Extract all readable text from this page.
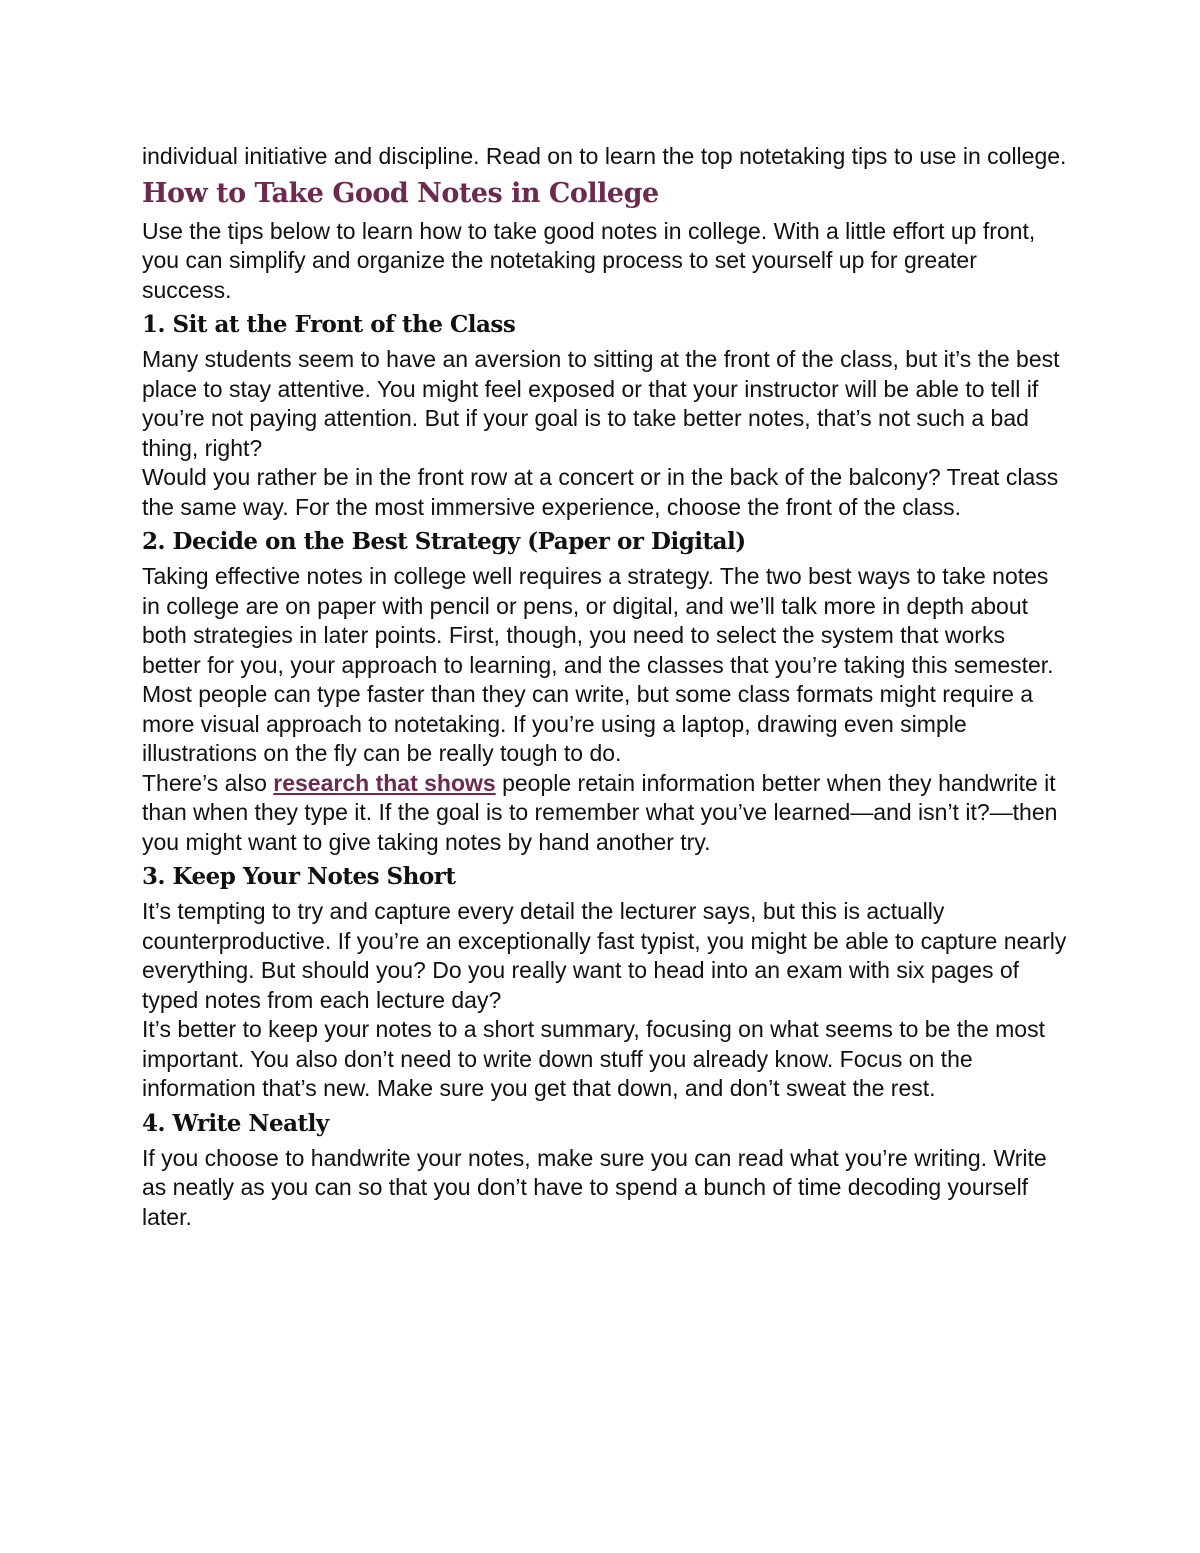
individual initiative and discipline. Read on to learn the top notetaking tips to use in college.

How to Take Good Notes in College

Use the tips below to learn how to take good notes in college. With a little effort up front, you can simplify and organize the notetaking process to set yourself up for greater success.

1. Sit at the Front of the Class

Many students seem to have an aversion to sitting at the front of the class, but it’s the best place to stay attentive. You might feel exposed or that your instructor will be able to tell if you’re not paying attention. But if your goal is to take better notes, that’s not such a bad thing, right?

Would you rather be in the front row at a concert or in the back of the balcony? Treat class the same way. For the most immersive experience, choose the front of the class.

2. Decide on the Best Strategy (Paper or Digital)

Taking effective notes in college well requires a strategy. The two best ways to take notes in college are on paper with pencil or pens, or digital, and we’ll talk more in depth about both strategies in later points. First, though, you need to select the system that works better for you, your approach to learning, and the classes that you’re taking this semester.

Most people can type faster than they can write, but some class formats might require a more visual approach to notetaking. If you’re using a laptop, drawing even simple illustrations on the fly can be really tough to do.

There’s also research that shows people retain information better when they handwrite it than when they type it. If the goal is to remember what you’ve learned—and isn’t it?—then you might want to give taking notes by hand another try.

3. Keep Your Notes Short

It’s tempting to try and capture every detail the lecturer says, but this is actually counterproductive. If you’re an exceptionally fast typist, you might be able to capture nearly everything. But should you? Do you really want to head into an exam with six pages of typed notes from each lecture day?

It’s better to keep your notes to a short summary, focusing on what seems to be the most important. You also don’t need to write down stuff you already know. Focus on the information that’s new. Make sure you get that down, and don’t sweat the rest.

4. Write Neatly

If you choose to handwrite your notes, make sure you can read what you’re writing. Write as neatly as you can so that you don’t have to spend a bunch of time decoding yourself later.
